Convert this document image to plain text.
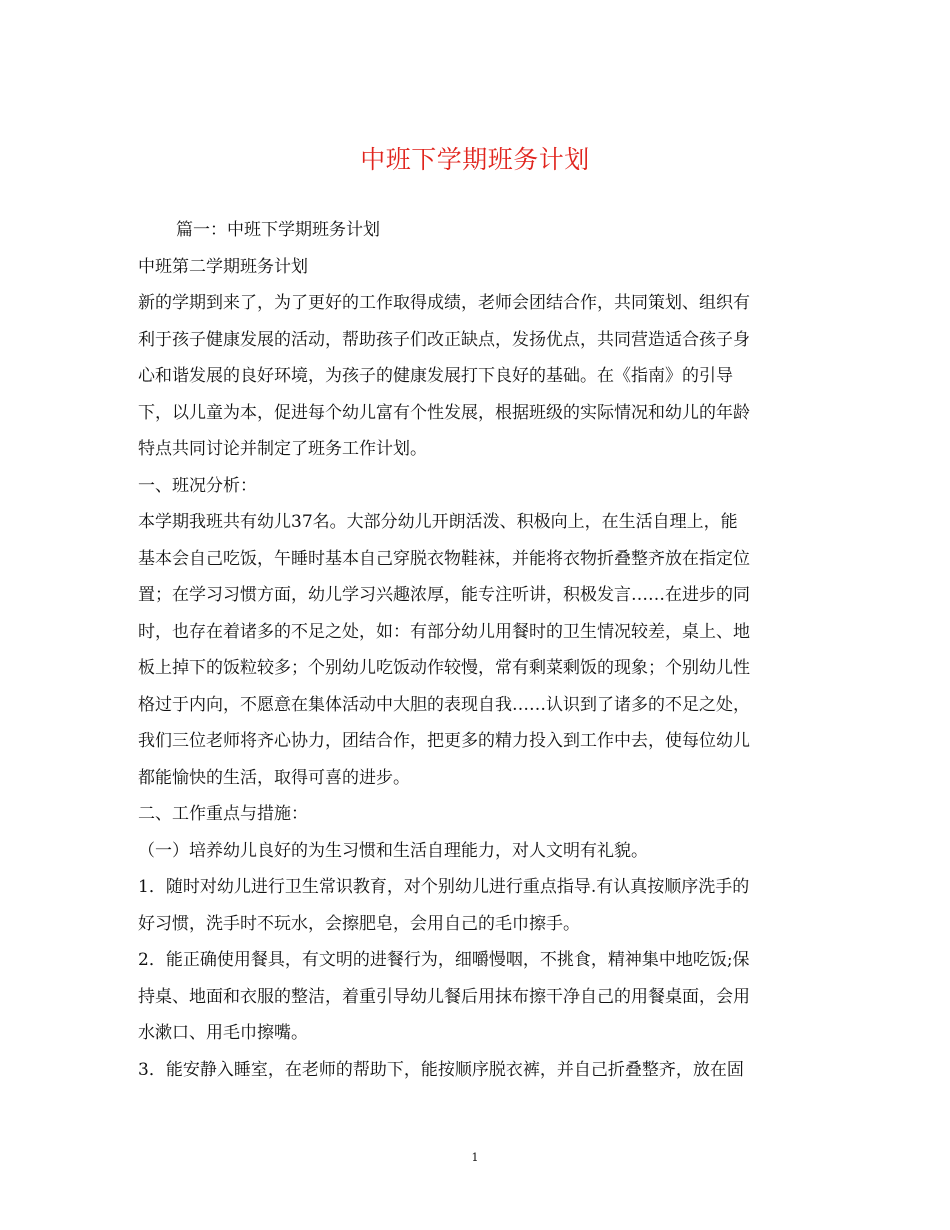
中班下学期班务计划
篇一：中班下学期班务计划
中班第二学期班务计划
新的学期到来了，为了更好的工作取得成绩，老师会团结合作，共同策划、组织有
利于孩子健康发展的活动，帮助孩子们改正缺点，发扬优点，共同营造适合孩子身
心和谐发展的良好环境，为孩子的健康发展打下良好的基础。在《指南》的引导
下，以儿童为本，促进每个幼儿富有个性发展，根据班级的实际情况和幼儿的年龄
特点共同讨论并制定了班务工作计划。
一、班况分析：
本学期我班共有幼儿37名。大部分幼儿开朗活泼、积极向上，在生活自理上，能
基本会自己吃饭，午睡时基本自己穿脱衣物鞋袜，并能将衣物折叠整齐放在指定位
置；在学习习惯方面，幼儿学习兴趣浓厚，能专注听讲，积极发言……在进步的同
时，也存在着诸多的不足之处，如：有部分幼儿用餐时的卫生情况较差，桌上、地
板上掉下的饭粒较多；个别幼儿吃饭动作较慢，常有剩菜剩饭的现象；个别幼儿性
格过于内向，不愿意在集体活动中大胆的表现自我……认识到了诸多的不足之处，
我们三位老师将齐心协力，团结合作，把更多的精力投入到工作中去，使每位幼儿
都能愉快的生活，取得可喜的进步。
二、工作重点与措施：
（一）培养幼儿良好的为生习惯和生活自理能力，对人文明有礼貌。
1．随时对幼儿进行卫生常识教育，对个别幼儿进行重点指导.有认真按顺序洗手的
好习惯，洗手时不玩水，会擦肥皂，会用自己的毛巾擦手。
2．能正确使用餐具，有文明的进餐行为，细嚼慢咽，不挑食，精神集中地吃饭;保
持桌、地面和衣服的整洁，着重引导幼儿餐后用抹布擦干净自己的用餐桌面，会用
水漱口、用毛巾擦嘴。
3．能安静入睡室，在老师的帮助下，能按顺序脱衣裤，并自己折叠整齐，放在固
1
